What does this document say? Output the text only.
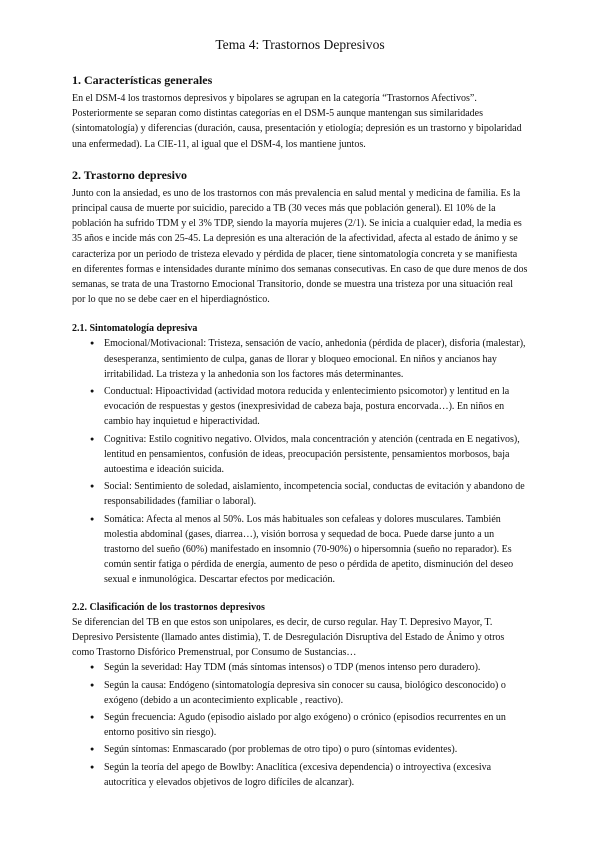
Tema 4: Trastornos Depresivos
1. Características generales

En el DSM-4 los trastornos depresivos y bipolares se agrupan en la categoría “Trastornos Afectivos”. Posteriormente se separan como distintas categorías en el DSM-5 aunque mantengan sus similaridades (sintomatología) y diferencias (duración, causa, presentación y etiología; depresión es un trastorno y bipolaridad una enfermedad). La CIE-11, al igual que el DSM-4, los mantiene juntos.

2. Trastorno depresivo

Junto con la ansiedad, es uno de los trastornos con más prevalencia en salud mental y medicina de familia. Es la principal causa de muerte por suicidio, parecido a TB (30 veces más que población general). El 10% de la población ha sufrido TDM y el 3% TDP, siendo la mayoría mujeres (2/1). Se inicia a cualquier edad, la media es 35 años e incide más con 25-45. La depresión es una alteración de la afectividad, afecta al estado de ánimo y se caracteriza por un periodo de tristeza elevado y pérdida de placer, tiene sintomatología concreta y se manifiesta en diferentes formas e intensidades durante mínimo dos semanas consecutivas. En caso de que dure menos de dos semanas, se trata de una Trastorno Emocional Transitorio, donde se muestra una tristeza por una situación real por lo que no se debe caer en el hiperdiagnóstico.

2.1. Sintomatología depresiva
● Emocional/Motivacional: Tristeza, sensación de vacío, anhedonia (pérdida de placer), disforia (malestar), desesperanza, sentimiento de culpa, ganas de llorar y bloqueo emocional. En niños y ancianos hay irritabilidad. La tristeza y la anhedonia son los factores más determinantes.
● Conductual: Hipoactividad (actividad motora reducida y enlentecimiento psicomotor) y lentitud en la evocación de respuestas y gestos (inexpresividad de cabeza baja, postura encorvada…). En niños en cambio hay inquietud e hiperactividad.
● Cognitiva: Estilo cognitivo negativo. Olvidos, mala concentración y atención (centrada en E negativos), lentitud en pensamientos, confusión de ideas, preocupación persistente, pensamientos morbosos, baja autoestima e ideación suicida.
● Social: Sentimiento de soledad, aislamiento, incompetencia social, conductas de evitación y abandono de responsabilidades (familiar o laboral).
● Somática: Afecta al menos al 50%. Los más habituales son cefaleas y dolores musculares. También molestia abdominal (gases, diarrea…), visión borrosa y sequedad de boca. Puede darse junto a un trastorno del sueño (60%) manifestado en insomnio (70-90%) o hipersomnia (sueño no reparador). Es común sentir fatiga o pérdida de energía, aumento de peso o pérdida de apetito, disminución del deseo sexual e inmunológica. Descartar efectos por medicación.
2.2. Clasificación de los trastornos depresivos

Se diferencian del TB en que estos son unipolares, es decir, de curso regular. Hay T. Depresivo Mayor, T. Depresivo Persistente (llamado antes distimia), T. de Desregulación Disruptiva del Estado de Ánimo y otros como Trastorno Disfórico Premenstrual, por Consumo de Sustancias…

● Según la severidad: Hay TDM (más síntomas intensos) o TDP (menos intenso pero duradero).
● Según la causa: Endógeno (sintomatología depresiva sin conocer su causa, biológico desconocido) o exógeno (debido a un acontecimiento explicable , reactivo).
● Según frecuencia: Agudo (episodio aislado por algo exógeno) o crónico (episodios recurrentes en un entorno positivo sin riesgo).
● Según síntomas: Enmascarado (por problemas de otro tipo) o puro (síntomas evidentes).
● Según la teoría del apego de Bowlby: Anaclítica (excesiva dependencia) o introyectiva (excesiva autocrítica y elevados objetivos de logro difíciles de alcanzar).
